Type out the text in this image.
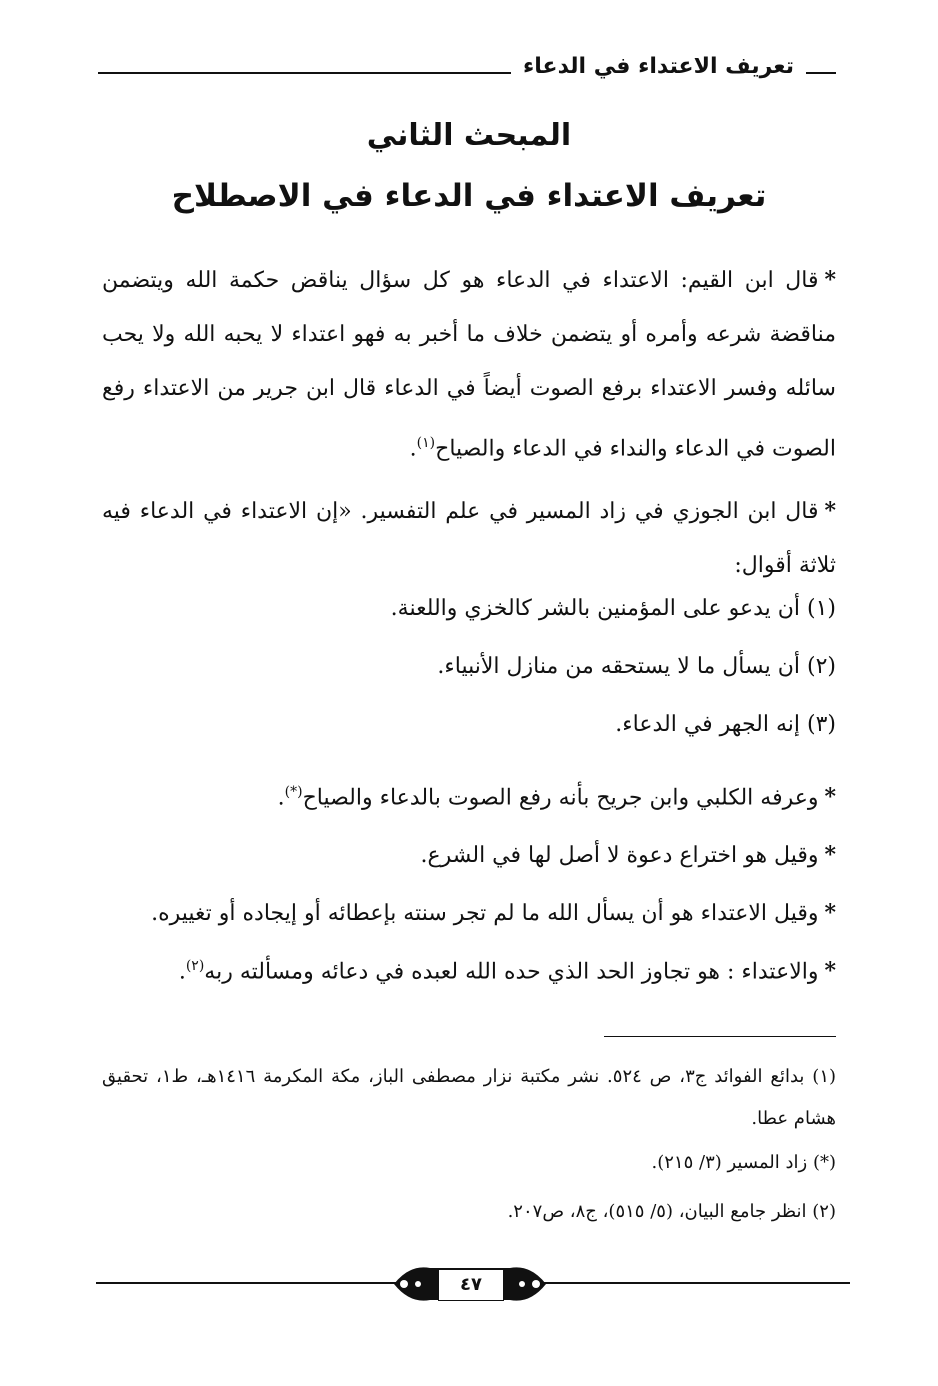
تعريف الاعتداء في الدعاء
المبحث الثاني
تعريف الاعتداء في الدعاء في الاصطلاح
*قال ابن القيم: الاعتداء في الدعاء هو كل سؤال يناقض حكمة الله ويتضمن مناقضة شرعه وأمره أو يتضمن خلاف ما أخبر به فهو اعتداء لا يحبه الله ولا يحب سائله وفسر الاعتداء برفع الصوت أيضاً في الدعاء قال ابن جرير من الاعتداء رفع الصوت في الدعاء والنداء في الدعاء والصياح$^{(١)}$.
*قال ابن الجوزي في زاد المسير في علم التفسير. «إن الاعتداء في الدعاء فيه ثلاثة أقوال:
(١) أن يدعو على المؤمنين بالشر كالخزي واللعنة.
(٢) أن يسأل ما لا يستحقه من منازل الأنبياء.
(٣) إنه الجهر في الدعاء.
*وعرفه الكلبي وابن جريح بأنه رفع الصوت بالدعاء والصياح(*).
*وقيل هو اختراع دعوة لا أصل لها في الشرع.
*وقيل الاعتداء هو أن يسأل الله ما لم تجر سنته بإعطائه أو إيجاده أو تغييره.
*والاعتداء : هو تجاوز الحد الذي حده الله لعبده في دعائه ومسألته ربه$^{(٢)}$.
(١) بدائع الفوائد ج٣، ص ٥٢٤. نشر مكتبة نزار مصطفى الباز، مكة المكرمة ١٤١٦هـ، ط١، تحقيق هشام عطا.
(*) زاد المسير (٣/ ٢١٥).
(٢) انظر جامع البيان، (٥/ ٥١٥)، ج٨، ص٢٠٧.
٤٧
